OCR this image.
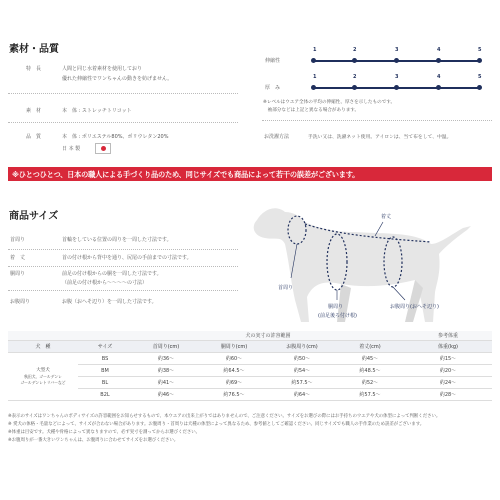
素材・品質
特　長	人間と同じ水着素材を使用しており
優れた伸縮性でワンちゃんの動きを妨げません。
素　材	本　体 : ストレッチトリコット
品　質	本　体 : ポリエステル80%、ポリウレタン20%
日 本 製
伸縮性
1	2	3	4	5
厚　み
1	2	3	4	5
※レベルはウエア全体の平均の伸縮性、厚さを示したものです。
　袖部分などは上記と異なる場合があります。
お洗濯方法	手洗い又は、洗濯ネット使用。アイロンは、当て布をして、中温。
※ひとつひとつ、日本の職人による手づくり品のため、同じサイズでも商品によって若干の誤差がございます。
商品サイズ
首周り	首輪をしている位置の周りを一周した寸法です。
着　丈	首の付け根から背中を通り、尻尾の手前までの寸法です。
胴周り	前足の付け根からの胴を一周した寸法です。
（前足の付け根から〜〜〜〜の寸法）
お腹周り	お腹（おへそ辺り）を一周した寸法です。
着丈
首周り
胴周り
(前足後ろ付け根)
お腹周り(おへそ辺り)
		犬の実寸の許容範囲				参考体重
犬　種	サイズ	首周り(cm)	胴周り(cm)	お腹周り(cm)	着丈(cm)	体重(kg)

大型犬
秋田犬、ゴールデンレ
ゴールデンレトリバーなど	BS	約36〜	約60〜	約50〜	約45〜	約15〜
	BM	約38〜	約64.5〜	約54〜	約48.5〜	約20〜
	BL	約41〜	約69〜	約57.5〜	約52〜	約24〜
	B2L	約46〜	約76.5〜	約64〜	約57.5〜	約28〜
※表示のサイズはワンちゃんのボディサイズの許容範囲をお知らせするもので、本ウエアの出来上がりではありませんので、ご注意ください。サイズをお選びの際にはお手持ちのウエアや犬の体型によって判断ください。
※ 愛犬の体格・毛量などによって、サイズが合わない場合があります。お腹周り・首周りは犬種の体型によって異なるため、参考値としてご確認ください。同じサイズでも職人の手作業のため誤差がございます。
※体重は目安です。犬種や骨格によって異なりますので、必ず実寸を測ってからお選びください。
※お腹周りが一番大きいワンちゃんは、お腹周りに合わせてサイズをお選びください。
